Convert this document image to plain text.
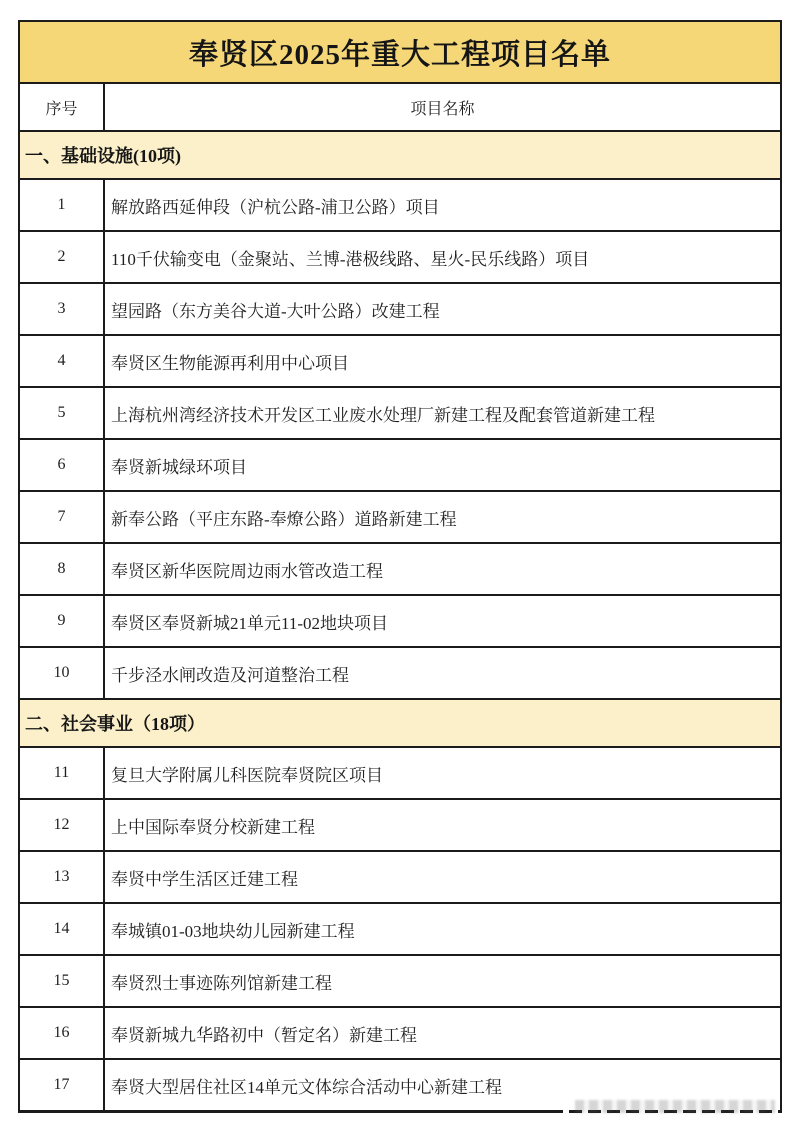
奉贤区2025年重大工程项目名单
序号	项目名称
一、基础设施(10项)
1	解放路西延伸段（沪杭公路-浦卫公路）项目
2	110千伏输变电（金聚站、兰博-港极线路、星火-民乐线路）项目
3	望园路（东方美谷大道-大叶公路）改建工程
4	奉贤区生物能源再利用中心项目
5	上海杭州湾经济技术开发区工业废水处理厂新建工程及配套管道新建工程
6	奉贤新城绿环项目
7	新奉公路（平庄东路-奉燎公路）道路新建工程
8	奉贤区新华医院周边雨水管改造工程
9	奉贤区奉贤新城21单元11-02地块项目
10	千步泾水闸改造及河道整治工程
二、社会事业（18项）
11	复旦大学附属儿科医院奉贤院区项目
12	上中国际奉贤分校新建工程
13	奉贤中学生活区迁建工程
14	奉城镇01-03地块幼儿园新建工程
15	奉贤烈士事迹陈列馆新建工程
16	奉贤新城九华路初中（暂定名）新建工程
17	奉贤大型居住社区14单元文体综合活动中心新建工程
